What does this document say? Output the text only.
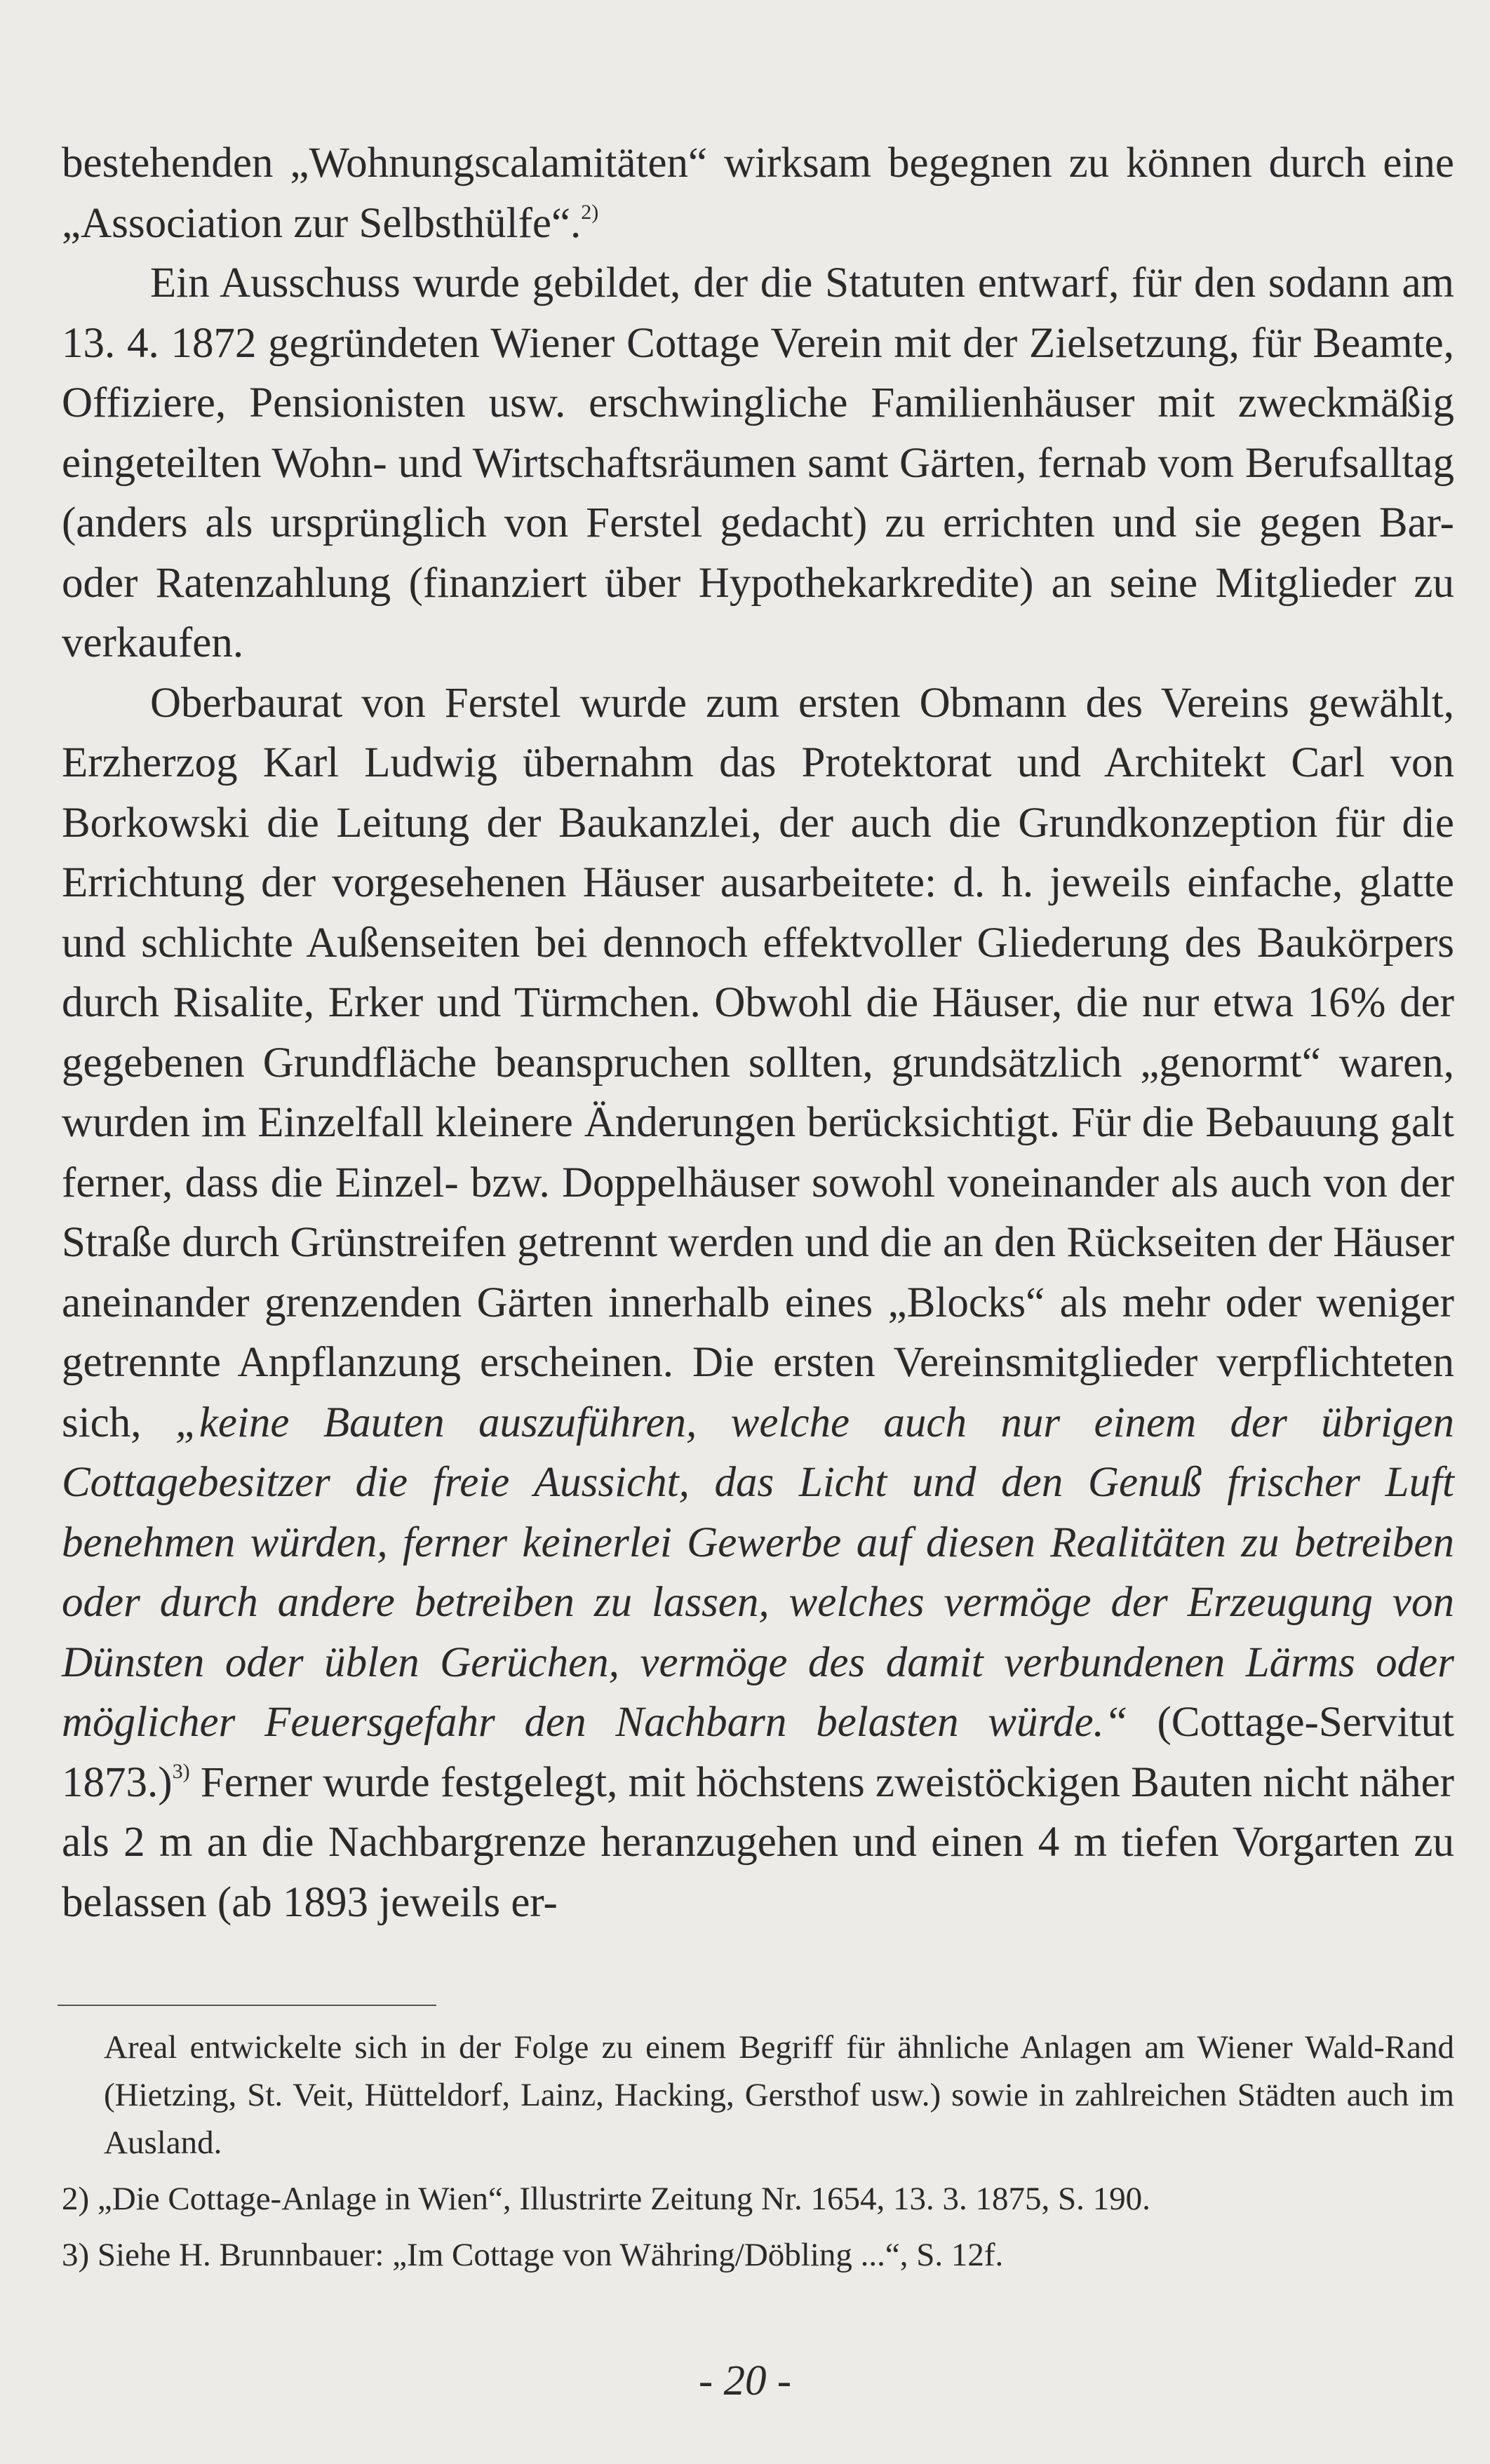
bestehenden „Wohnungscalamitäten“ wirksam begegnen zu können durch eine „Association zur Selbsthülfe“.$^{2)}$

Ein Ausschuss wurde gebildet, der die Statuten entwarf, für den sodann am 13. 4. 1872 gegründeten Wiener Cottage Verein mit der Zielsetzung, für Beamte, Offiziere, Pensionisten usw. erschwingliche Familienhäuser mit zweckmäßig eingeteilten Wohn- und Wirtschaftsräumen samt Gärten, fernab vom Berufsalltag (anders als ursprünglich von Ferstel gedacht) zu errichten und sie gegen Bar- oder Ratenzahlung (finanziert über Hypothekarkredite) an seine Mitglieder zu verkaufen.

Oberbaurat von Ferstel wurde zum ersten Obmann des Vereins gewählt, Erzherzog Karl Ludwig übernahm das Protektorat und Architekt Carl von Borkowski die Leitung der Baukanzlei, der auch die Grundkonzeption für die Errichtung der vorgesehenen Häuser ausarbeitete: d. h. jeweils einfache, glatte und schlichte Außenseiten bei dennoch effektvoller Gliederung des Baukörpers durch Risalite, Erker und Türmchen. Obwohl die Häuser, die nur etwa 16% der gegebenen Grundfläche beanspruchen sollten, grundsätzlich „genormt“ waren, wurden im Einzelfall kleinere Änderungen berücksichtigt. Für die Bebauung galt ferner, dass die Einzel- bzw. Doppelhäuser sowohl voneinander als auch von der Straße durch Grünstreifen getrennt werden und die an den Rückseiten der Häuser aneinander grenzenden Gärten innerhalb eines „Blocks“ als mehr oder weniger getrennte Anpflanzung erscheinen. Die ersten Vereinsmitglieder verpflichteten sich, „keine Bauten auszuführen, welche auch nur einem der übrigen Cottagebesitzer die freie Aussicht, das Licht und den Genuß frischer Luft benehmen würden, ferner keinerlei Gewerbe auf diesen Realitäten zu betreiben oder durch andere betreiben zu lassen, welches vermöge der Erzeugung von Dünsten oder üblen Gerüchen, vermöge des damit verbundenen Lärms oder möglicher Feuersgefahr den Nachbarn belasten würde.“ (Cottage-Servitut 1873.)$^{3)}$ Ferner wurde festgelegt, mit höchstens zweistöckigen Bauten nicht näher als 2 m an die Nachbargrenze heranzugehen und einen 4 m tiefen Vorgarten zu belassen (ab 1893 jeweils er-

Areal entwickelte sich in der Folge zu einem Begriff für ähnliche Anlagen am Wiener Wald-Rand (Hietzing, St. Veit, Hütteldorf, Lainz, Hacking, Gersthof usw.) sowie in zahlreichen Städten auch im Ausland.

2) „Die Cottage-Anlage in Wien“, Illustrirte Zeitung Nr. 1654, 13. 3. 1875, S. 190.

3) Siehe H. Brunnbauer: „Im Cottage von Währing/Döbling ...“, S. 12f.

- 20 -
